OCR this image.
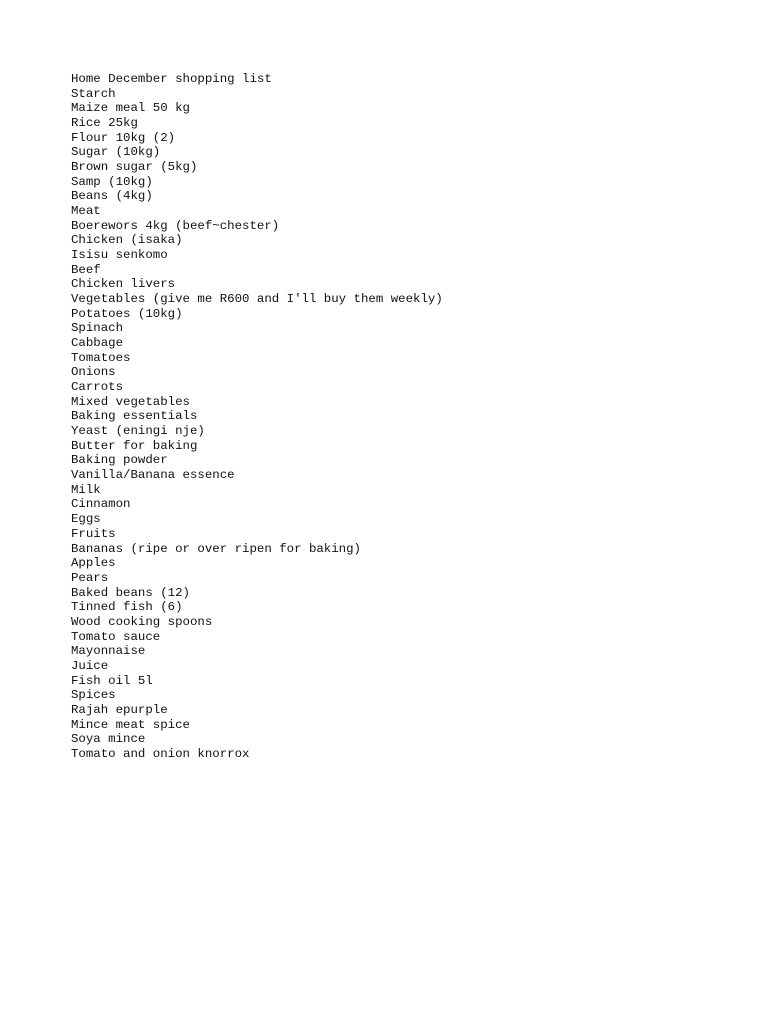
Home December shopping list
Starch
Maize meal 50 kg
Rice 25kg
Flour 10kg (2)
Sugar (10kg)
Brown sugar (5kg)
Samp (10kg)
Beans (4kg)
Meat
Boerewors 4kg (beef~chester)
Chicken (isaka)
Isisu senkomo
Beef
Chicken livers
Vegetables (give me R600 and I'll buy them weekly)
Potatoes (10kg)
Spinach
Cabbage
Tomatoes
Onions
Carrots
Mixed vegetables
Baking essentials
Yeast (eningi nje)
Butter for baking
Baking powder
Vanilla/Banana essence
Milk
Cinnamon
Eggs
Fruits
Bananas (ripe or over ripen for baking)
Apples
Pears
Baked beans (12)
Tinned fish (6)
Wood cooking spoons
Tomato sauce
Mayonnaise
Juice
Fish oil 5l
Spices
Rajah epurple
Mince meat spice
Soya mince
Tomato and onion knorrox
